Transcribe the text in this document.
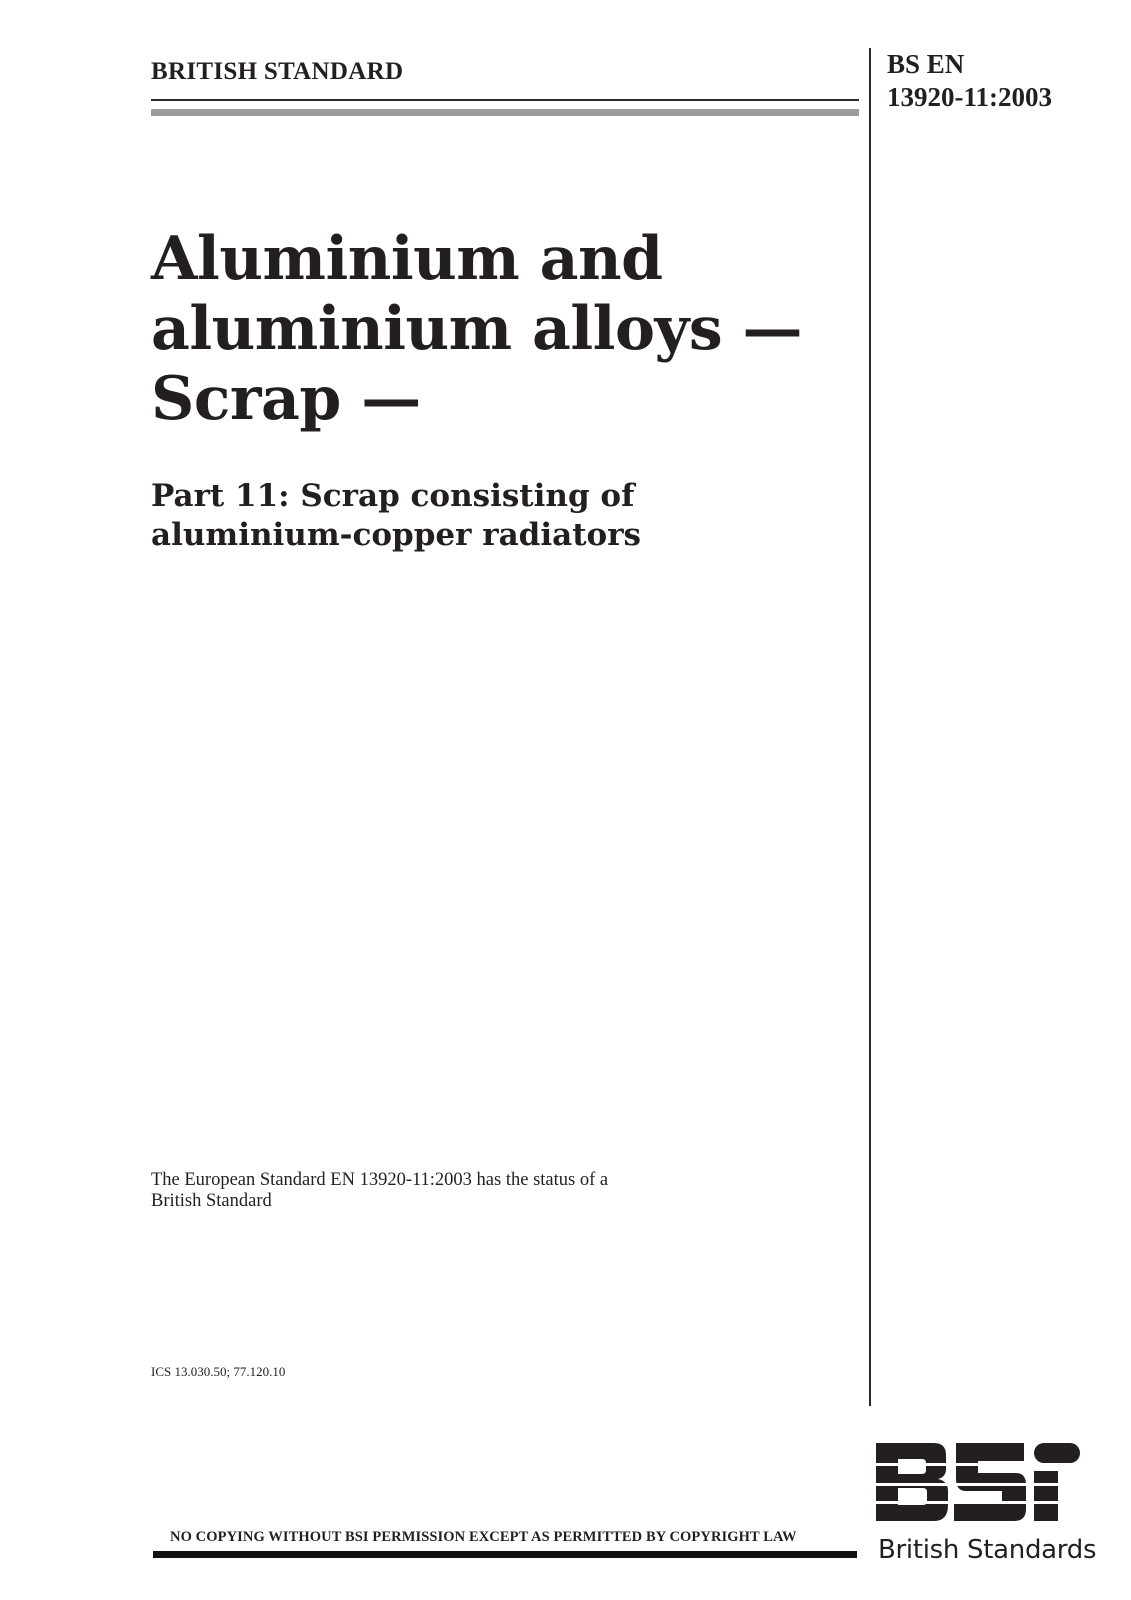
BRITISH STANDARD	BS EN
13920-11:2003
Aluminium and
aluminium alloys —
Scrap —
Part 11: Scrap consisting of
aluminium-copper radiators
The European Standard EN 13920-11:2003 has the status of a
British Standard
ICS 13.030.50; 77.120.10
NO COPYING WITHOUT BSI PERMISSION EXCEPT AS PERMITTED BY COPYRIGHT LAW	British Standards
